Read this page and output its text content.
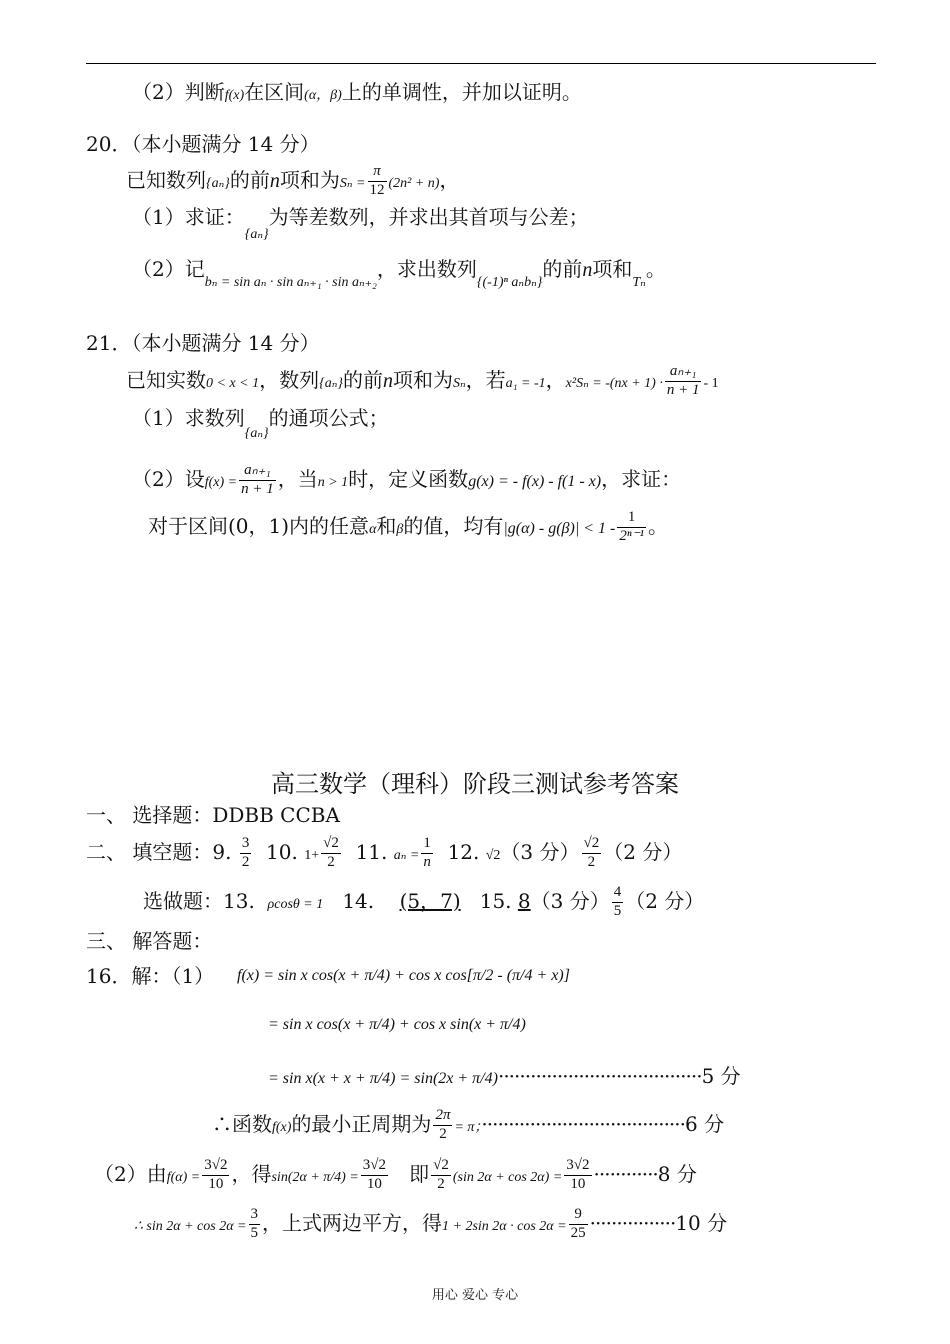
（2）判断f(x)在区间(α，β)上的单调性，并加以证明。
20．（本小题满分 14 分）
已知数列{aₙ}的前n项和为$S_n = \frac{\pi}{12} (2n^2 + n)$，
（1）求证：$_{\{a_n\}}$为等差数列，并求出其首项与公差；
（2）记$_{b_n = sin a_n \cdot sin a_{n+1} \cdot sin a_{n+2}}$，求出数列$_{\{(-1)^n a_nb_n\}}$的前n项和$_{T_n}$。
21．（本小题满分 14 分）
已知实数0 < x < 1，数列{aₙ}的前n项和为Sₙ，若a₁ = -1，$x^2S_n = -(nx + 1) \cdot \frac{\text{aₙ₊₁}}{n + 1} - 1$
（1）求数列$_{\{a_n\}}$的通项公式；
（2）设$f(x) = \frac{\text{aₙ₊₁}}{n + 1}$ ，当n > 1时，定义函数g(x) = - f(x) - f(1 - x)，求证：
对于区间(0，1)内的任意α和β的值，均有$|g(\alpha) - g(\beta)| < 1 - \frac{1}{\text{2ⁿ⁻¹}}$ 。
高三数学（理科）阶段三测试参考答案
一、 选择题：DDBB CCBA
二、 填空题：9. $\frac{3}{2} 10$. $1+ \frac{√2}{2} 11$. $a_n = \frac{1}{n} 12$. √2（3 分） $\frac{√2}{2} (2$ 分）
选做题：13. ρcosθ = 1 14. (5，7) 15. 8（3 分） $\frac{4}{5} (2$ 分）
三、 解答题：
16．解：（1） f(x) = sin x cos(x + π/4) + cos x cos[π/2 - (π/4 + x)]
= sin x cos(x + π/4) + cos x sin(x + π/4)
= sin x(x + x + π/4) = sin(2x + π/4)······································5 分
∴函数f(x)的最小正周期为 $\frac{2\pi}{2} = \pi$；······································6 分
（2）由$f(\alpha) = \frac{3√2}{10}$ ，得$\sin(2\alpha + \pi/4) = \frac{3√2}{10}$ 即 $\frac{√2}{2} (\sin$ $2\alpha + \cos 2\alpha) = \frac{3√2}{10} \cdot\cdot\cdot\cdot\cdot\cdot\cdot\cdot\cdot\cdot\cdot\cdot 8$ 分
∴ $\sin 2\alpha + \cos 2\alpha = \frac{3}{5}$ ，上式两边平方，得1 + 2sin $2\alpha \cdot \cos 2\alpha = \frac{9}{25} \cdot\cdot\cdot\cdot\cdot\cdot\cdot\cdot\cdot\cdot\cdot\cdot\cdot\cdot\cdot\cdot 10$ 分
用心 爱心 专心
